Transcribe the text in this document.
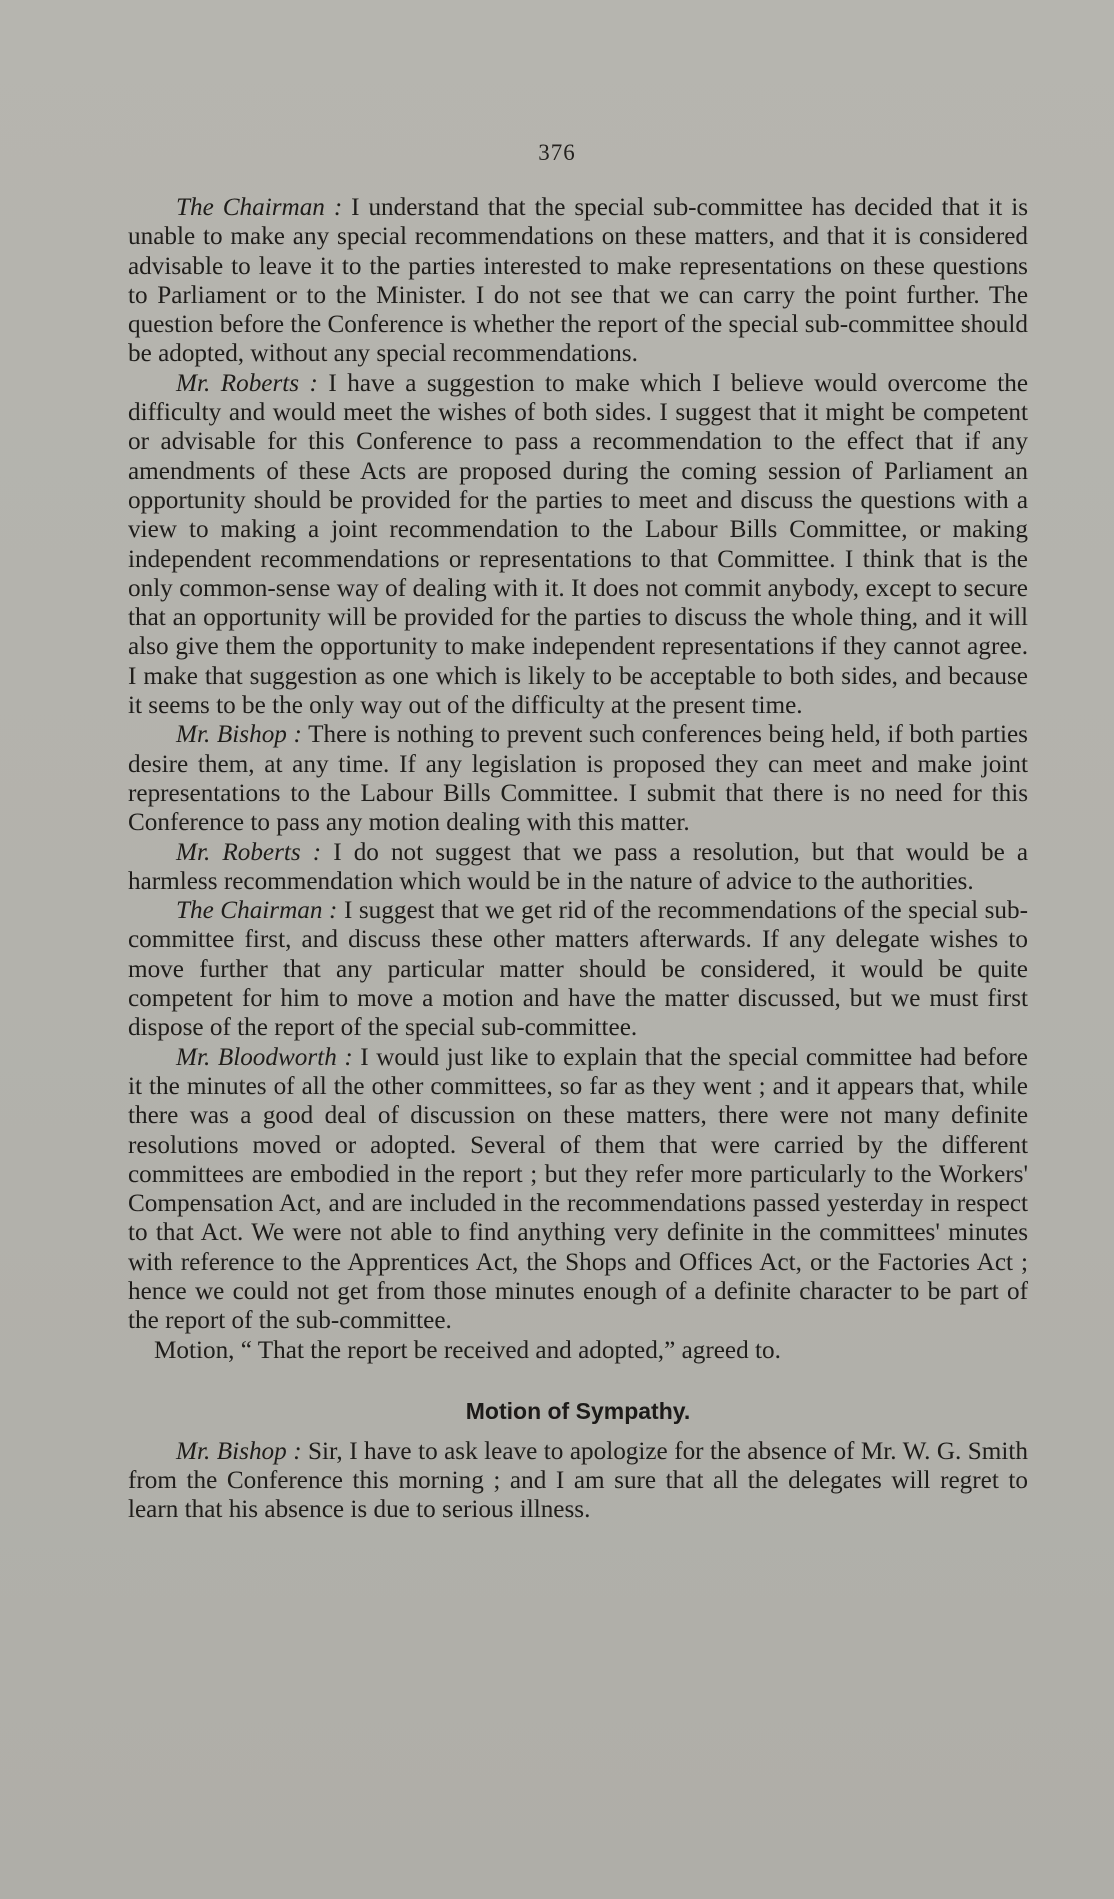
376

The Chairman : I understand that the special sub-committee has decided that it is unable to make any special recommendations on these matters, and that it is considered advisable to leave it to the parties interested to make representations on these questions to Parliament or to the Minister. I do not see that we can carry the point further. The question before the Conference is whether the report of the special sub-committee should be adopted, without any special recommendations.

Mr. Roberts : I have a suggestion to make which I believe would overcome the difficulty and would meet the wishes of both sides. I suggest that it might be competent or advisable for this Conference to pass a recommendation to the effect that if any amendments of these Acts are proposed during the coming session of Parliament an opportunity should be provided for the parties to meet and discuss the questions with a view to making a joint recommendation to the Labour Bills Committee, or making independent recommendations or representations to that Committee. I think that is the only common-sense way of dealing with it. It does not commit anybody, except to secure that an opportunity will be provided for the parties to discuss the whole thing, and it will also give them the opportunity to make independent representations if they cannot agree. I make that suggestion as one which is likely to be acceptable to both sides, and because it seems to be the only way out of the difficulty at the present time.

Mr. Bishop : There is nothing to prevent such conferences being held, if both parties desire them, at any time. If any legislation is proposed they can meet and make joint representations to the Labour Bills Committee. I submit that there is no need for this Conference to pass any motion dealing with this matter.

Mr. Roberts : I do not suggest that we pass a resolution, but that would be a harmless recommendation which would be in the nature of advice to the authorities.

The Chairman : I suggest that we get rid of the recommendations of the special sub-committee first, and discuss these other matters afterwards. If any delegate wishes to move further that any particular matter should be considered, it would be quite competent for him to move a motion and have the matter discussed, but we must first dispose of the report of the special sub-committee.

Mr. Bloodworth : I would just like to explain that the special committee had before it the minutes of all the other committees, so far as they went ; and it appears that, while there was a good deal of discussion on these matters, there were not many definite resolutions moved or adopted. Several of them that were carried by the different committees are embodied in the report ; but they refer more particularly to the Workers' Compensation Act, and are included in the recommendations passed yesterday in respect to that Act. We were not able to find anything very definite in the committees' minutes with reference to the Apprentices Act, the Shops and Offices Act, or the Factories Act ; hence we could not get from those minutes enough of a definite character to be part of the report of the sub-committee.

Motion, “ That the report be received and adopted,” agreed to.

Motion of Sympathy.

Mr. Bishop : Sir, I have to ask leave to apologize for the absence of Mr. W. G. Smith from the Conference this morning ; and I am sure that all the delegates will regret to learn that his absence is due to serious illness.
